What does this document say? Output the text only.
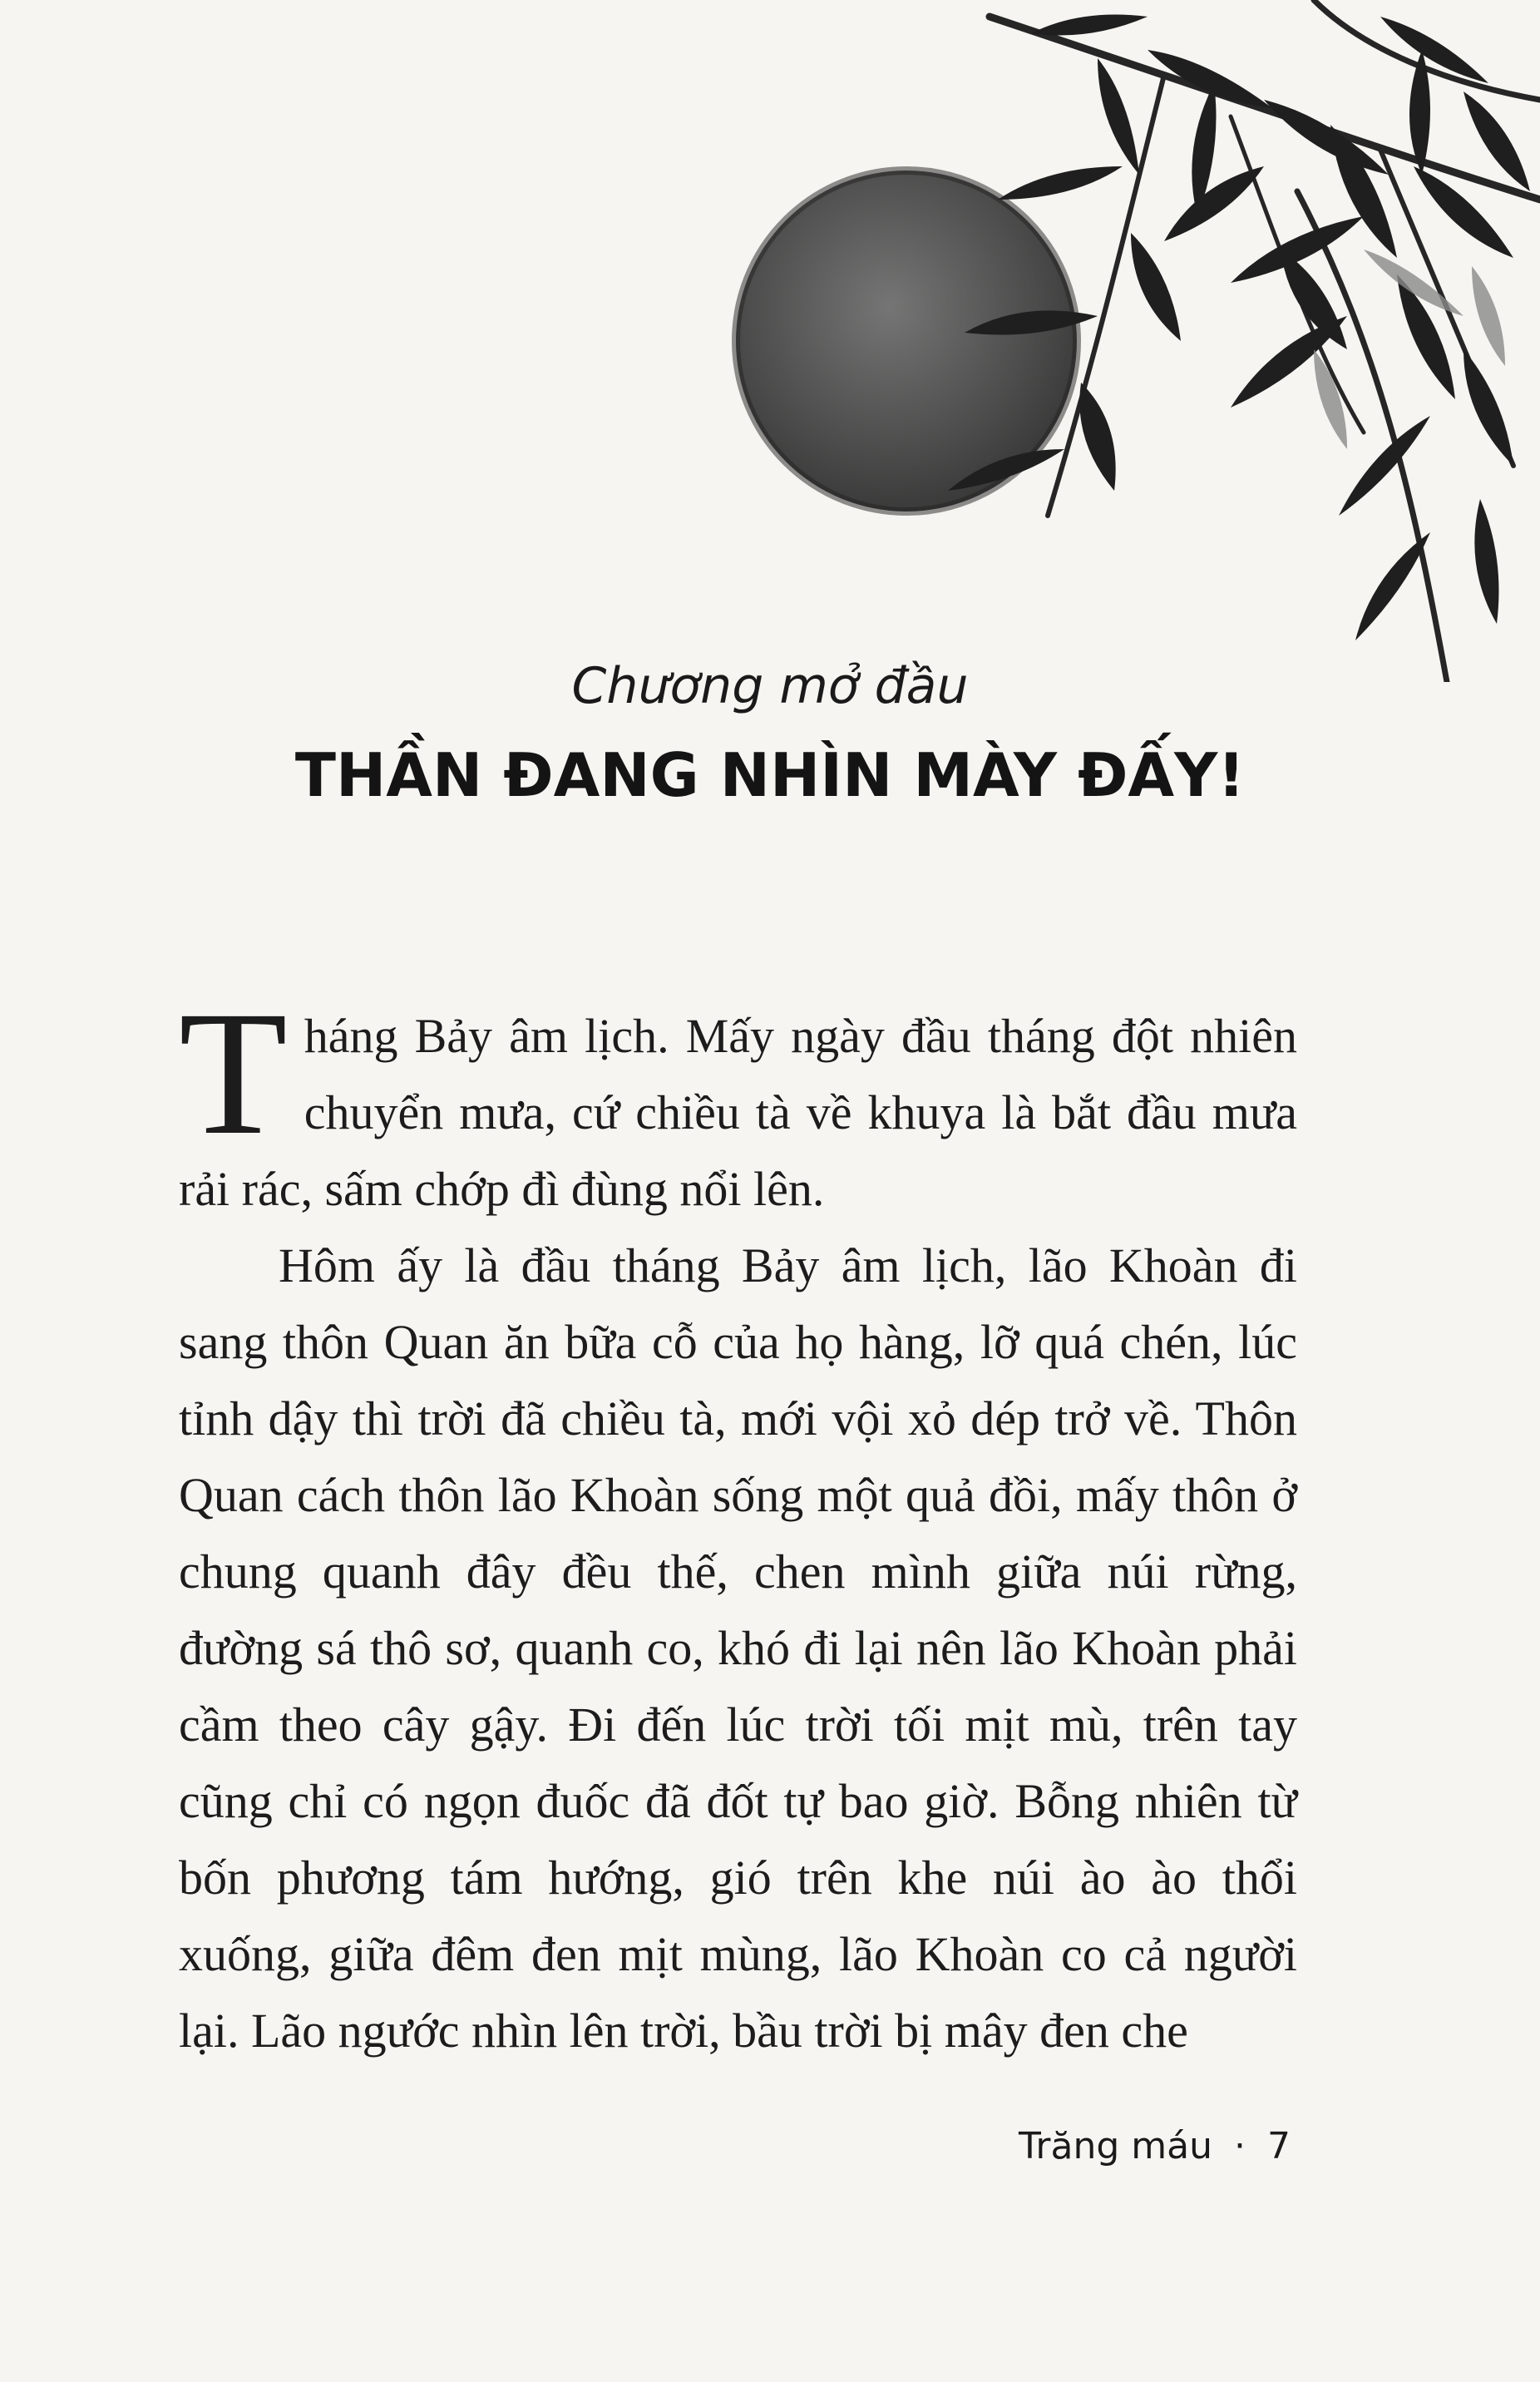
Chương mở đầu
THẦN ĐANG NHÌN MÀY ĐẤY!

Tháng Bảy âm lịch. Mấy ngày đầu tháng đột nhiên chuyển mưa, cứ chiều tà về khuya là bắt đầu mưa rải rác, sấm chớp đì đùng nổi lên.

Hôm ấy là đầu tháng Bảy âm lịch, lão Khoàn đi sang thôn Quan ăn bữa cỗ của họ hàng, lỡ quá chén, lúc tỉnh dậy thì trời đã chiều tà, mới vội xỏ dép trở về. Thôn Quan cách thôn lão Khoàn sống một quả đồi, mấy thôn ở chung quanh đây đều thế, chen mình giữa núi rừng, đường sá thô sơ, quanh co, khó đi lại nên lão Khoàn phải cầm theo cây gậy. Đi đến lúc trời tối mịt mù, trên tay cũng chỉ có ngọn đuốc đã đốt tự bao giờ. Bỗng nhiên từ bốn phương tám hướng, gió trên khe núi ào ào thổi xuống, giữa đêm đen mịt mùng, lão Khoàn co cả người lại. Lão ngước nhìn lên trời, bầu trời bị mây đen che

Trăng máu · 7
